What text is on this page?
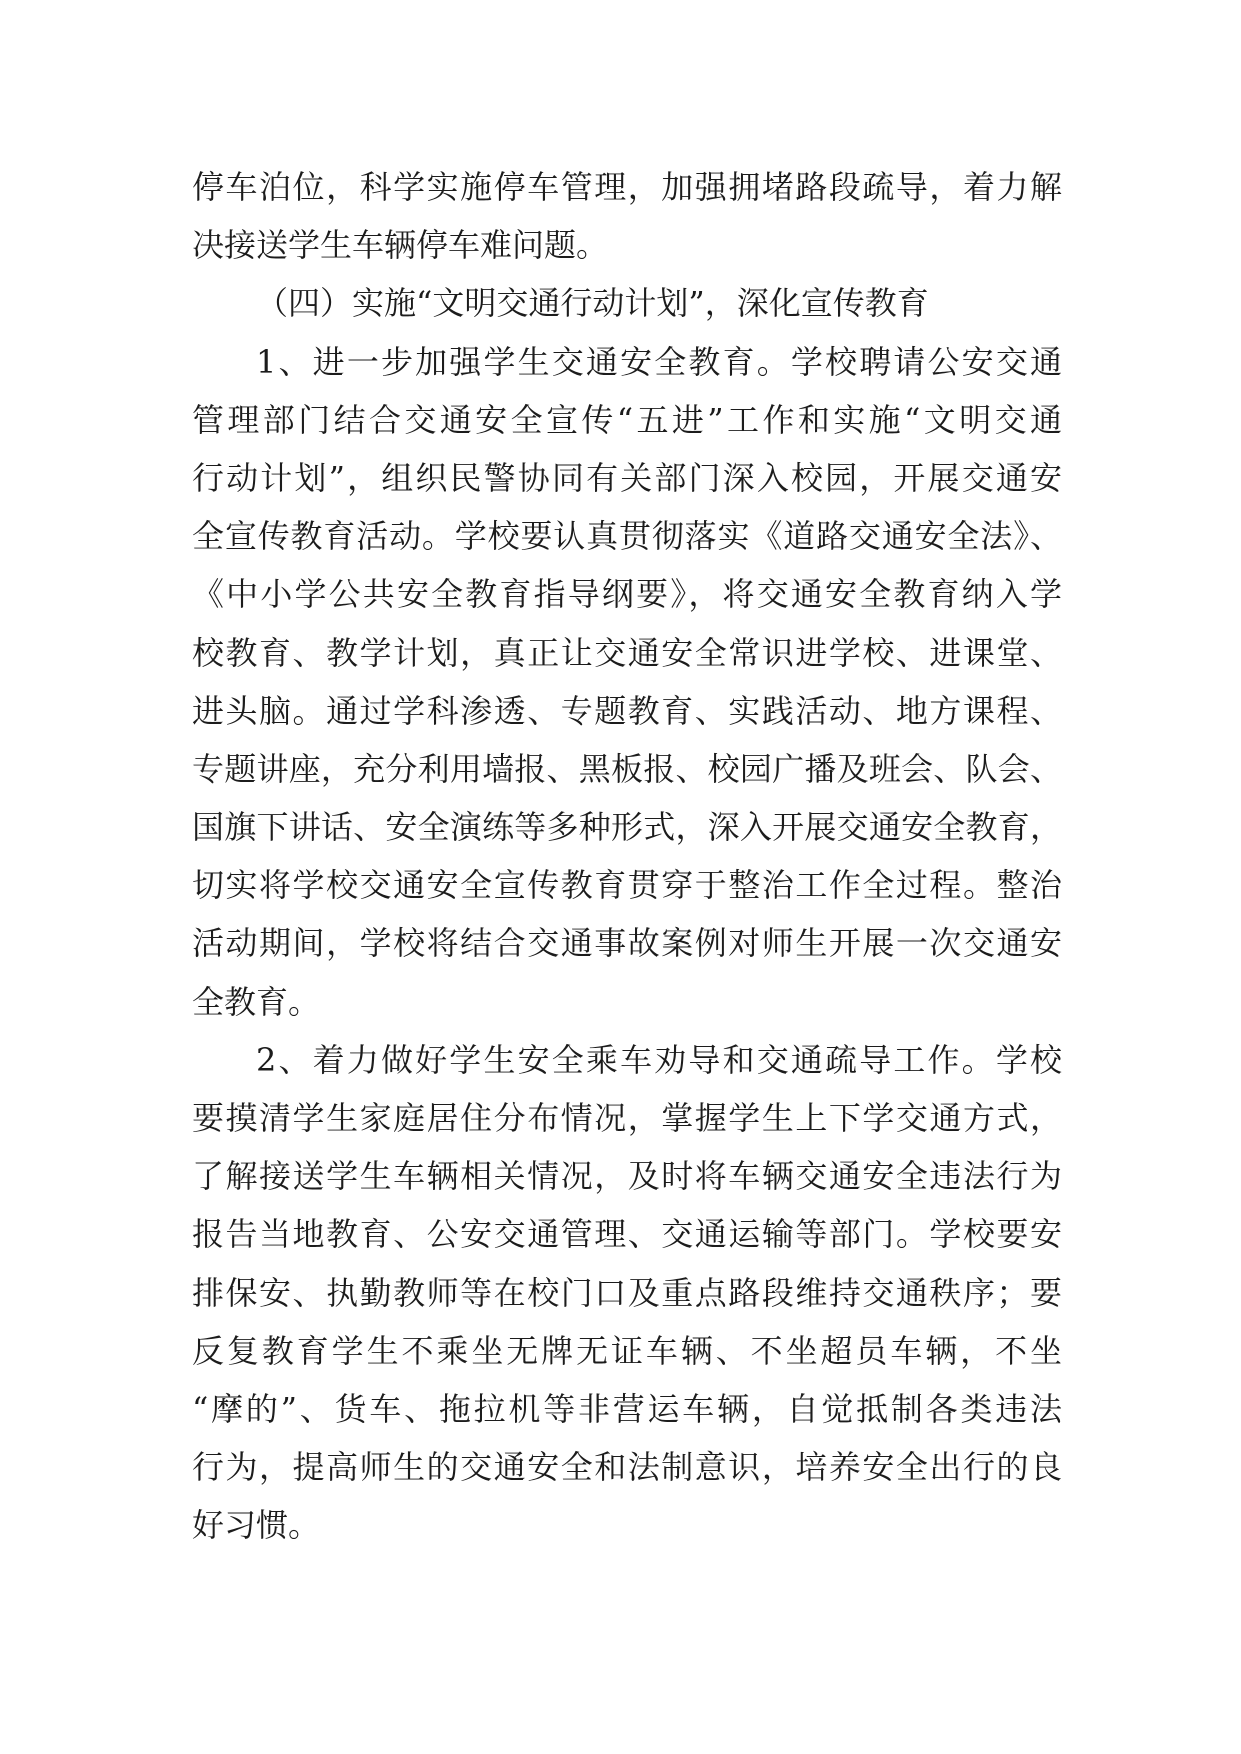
停车泊位，科学实施停车管理，加强拥堵路段疏导，着力解
决接送学生车辆停车难问题。
（四）实施“文明交通行动计划”，深化宣传教育
1、进一步加强学生交通安全教育。学校聘请公安交通
管理部门结合交通安全宣传“五进”工作和实施“文明交通
行动计划”，组织民警协同有关部门深入校园，开展交通安
全宣传教育活动。学校要认真贯彻落实《道路交通安全法》、
《中小学公共安全教育指导纲要》，将交通安全教育纳入学
校教育、教学计划，真正让交通安全常识进学校、进课堂、
进头脑。通过学科渗透、专题教育、实践活动、地方课程、
专题讲座，充分利用墙报、黑板报、校园广播及班会、队会、
国旗下讲话、安全演练等多种形式，深入开展交通安全教育，
切实将学校交通安全宣传教育贯穿于整治工作全过程。整治
活动期间，学校将结合交通事故案例对师生开展一次交通安
全教育。
2、着力做好学生安全乘车劝导和交通疏导工作。学校
要摸清学生家庭居住分布情况，掌握学生上下学交通方式，
了解接送学生车辆相关情况，及时将车辆交通安全违法行为
报告当地教育、公安交通管理、交通运输等部门。学校要安
排保安、执勤教师等在校门口及重点路段维持交通秩序；要
反复教育学生不乘坐无牌无证车辆、不坐超员车辆，不坐
“摩的”、货车、拖拉机等非营运车辆，自觉抵制各类违法
行为，提高师生的交通安全和法制意识，培养安全出行的良
好习惯。
